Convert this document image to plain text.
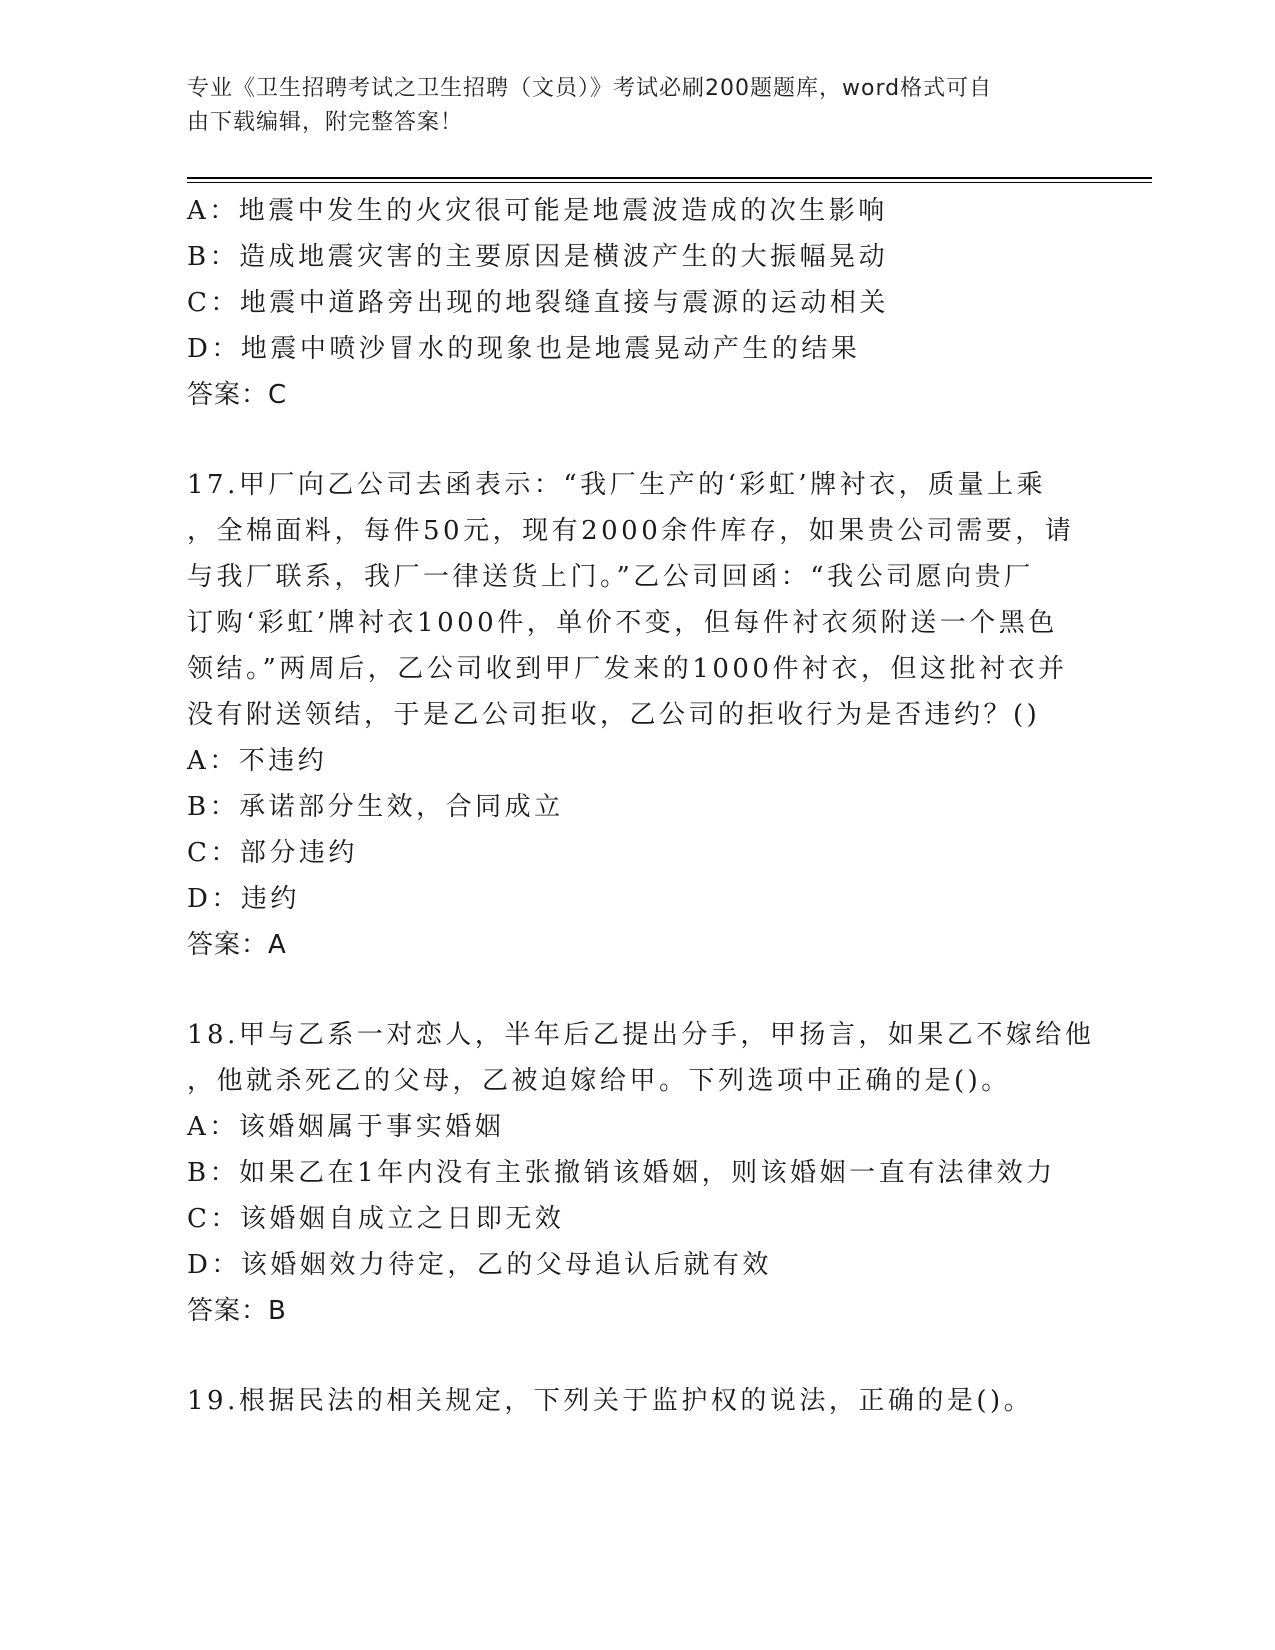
专业《卫生招聘考试之卫生招聘（文员）》考试必刷200题题库，word格式可自
由下载编辑，附完整答案！
A：地震中发生的火灾很可能是地震波造成的次生影响
B：造成地震灾害的主要原因是横波产生的大振幅晃动
C：地震中道路旁出现的地裂缝直接与震源的运动相关
D：地震中喷沙冒水的现象也是地震晃动产生的结果
答案：C
17.甲厂向乙公司去函表示：“我厂生产的‘彩虹’牌衬衣，质量上乘
，全棉面料，每件50元，现有2000余件库存，如果贵公司需要，请
与我厂联系，我厂一律送货上门。”乙公司回函：“我公司愿向贵厂
订购‘彩虹’牌衬衣1000件，单价不变，但每件衬衣须附送一个黑色
领结。”两周后，乙公司收到甲厂发来的1000件衬衣，但这批衬衣并
没有附送领结，于是乙公司拒收，乙公司的拒收行为是否违约？()
A：不违约
B：承诺部分生效，合同成立
C：部分违约
D：违约
答案：A
18.甲与乙系一对恋人，半年后乙提出分手，甲扬言，如果乙不嫁给他
，他就杀死乙的父母，乙被迫嫁给甲。下列选项中正确的是()。
A：该婚姻属于事实婚姻
B：如果乙在1年内没有主张撤销该婚姻，则该婚姻一直有法律效力
C：该婚姻自成立之日即无效
D：该婚姻效力待定，乙的父母追认后就有效
答案：B
19.根据民法的相关规定，下列关于监护权的说法，正确的是()。
